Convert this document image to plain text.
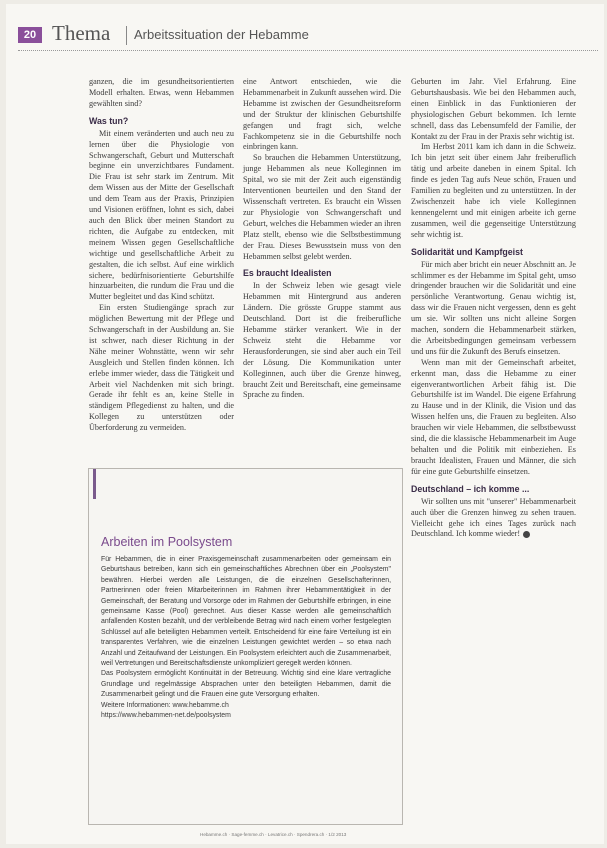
20 Thema Arbeitssituation der Hebamme

ganzen, die im gesundheitsorientierten Modell erhalten. Etwas, wenn Hebammen gewählten sind?

Was tun?

Mit einem veränderten und auch neu zu lernen über die Physiologie von Schwangerschaft, Geburt und Mutterschaft beginne ein unverzichtbares Fundament. Die Frau ist sehr stark im Zentrum. Mit dem Wissen aus der Mitte der Gesellschaft und dem Team aus der Praxis, Prinzipien und Visionen eröffnen, lohnt es sich, dabei auch den Blick über meinen Standort zu richten, die Aufgabe zu entdecken, mit meinem Wissen gegen Gesellschaftliche wichtige und gesellschaftliche Arbeit zu gestalten, die ich selbst. Auf eine wirklich sichere, bedürfnisorientierte Geburtshilfe hinzuarbeiten, die rundum die Frau und die Mutter begleitet und das Kind schützt.

Ein ersten Studiengänge sprach zur möglichen Bewertung mit der Pflege und Schwangerschaft in der Ausbildung an. Sie ist schwer, nach dieser Richtung in der Nähe meiner Wohnstätte, wenn wir sehr Ausgleich und Stellen finden können. Ich erlebe immer wieder, dass die Tätigkeit und Arbeit viel Nachdenken mit sich bringt. Gerade ihr fehlt es an, keine Stelle in ständigem Pflegedienst zu halten, und die Kollegen zu unterstützen oder Überforderung zu vermeiden.

eine Antwort entschieden, wie die Hebammenarbeit in Zukunft aussehen wird. Die Hebamme ist zwischen der Gesundheitsreform und der Struktur der klinischen Geburtshilfe gefangen und fragt sich, welche Fachkompetenz sie in die Geburtshilfe noch einbringen kann.

So brauchen die Hebammen Unterstützung, junge Hebammen als neue Kolleginnen im Spital, wo sie mit der Zeit auch eigenständig Interventionen beurteilen und den Stand der Wissenschaft vertreten. Es braucht ein Wissen zur Physiologie von Schwangerschaft und Geburt, welches die Hebammen wieder an ihren Platz stellt, ebenso wie die Selbstbestimmung der Frau. Dieses Bewusstsein muss von den Hebammen selbst gelebt werden.

Es braucht Idealisten

In der Schweiz leben wie gesagt viele Hebammen mit Hintergrund aus anderen Ländern. Die grösste Gruppe stammt aus Deutschland. Dort ist die freiberufliche Hebamme stärker verankert. Wie in der Schweiz steht die Hebamme vor Herausforderungen, sie sind aber auch ein Teil der Lösung. Die Kommunikation unter Kolleginnen, auch über die Grenze hinweg, braucht Zeit und Bereitschaft, eine gemeinsame Sprache zu finden.

Geburten im Jahr. Viel Erfahrung. Eine Geburtshausbasis. Wie bei den Hebammen auch, einen Einblick in das Funktionieren der physiologischen Geburt bekommen. Ich lernte schnell, dass das Lebensumfeld der Familie, der Kontakt zu der Frau in der Praxis sehr wichtig ist.

Im Herbst 2011 kam ich dann in die Schweiz. Ich bin jetzt seit über einem Jahr freiberuflich tätig und arbeite daneben in einem Spital. Ich finde es jeden Tag aufs Neue schön, Frauen und Familien zu begleiten und zu unterstützen. In der Zwischenzeit habe ich viele Kolleginnen kennengelernt und mit einigen arbeite ich gerne zusammen, weil die gegenseitige Unterstützung sehr wichtig ist.

Solidarität und Kampfgeist

Für mich aber bricht ein neuer Abschnitt an. Je schlimmer es der Hebamme im Spital geht, umso dringender brauchen wir die Solidarität und eine persönliche Verantwortung. Genau wichtig ist, dass wir die Frauen nicht vergessen, denn es geht um sie. Wir sollten uns nicht alleine Sorgen machen, sondern die Hebammenarbeit stärken, die Arbeitsbedingungen gemeinsam verbessern und uns für die Zukunft des Berufs einsetzen.

Wenn man mit der Gemeinschaft arbeitet, erkennt man, dass die Hebamme zu einer eigenverantwortlichen Arbeit fähig ist. Die Geburtshilfe ist im Wandel. Die eigene Erfahrung zu Hause und in der Klinik, die Vision und das Wissen helfen uns, die Frauen zu begleiten. Also brauchen wir viele Hebammen, die selbstbewusst sind, die die klassische Hebammenarbeit im Auge behalten und die Politik mit einbeziehen. Es braucht Idealisten, Frauen und Männer, die sich für eine gute Geburtshilfe einsetzen.

Deutschland – ich komme ...

Wir sollten uns mit "unserer" Hebammenarbeit auch über die Grenzen hinweg zu sehen trauen. Vielleicht gehe ich eines Tages zurück nach Deutschland. Ich komme wieder!

Arbeiten im Poolsystem

Für Hebammen, die in einer Praxisgemeinschaft zusammenarbeiten oder gemeinsam ein Geburtshaus betreiben, kann sich ein gemeinschaftliches Abrechnen über ein „Poolsystem" bewähren. Hierbei werden alle Leistungen, die die einzelnen Gesellschafterinnen, Partnerinnen oder freien Mitarbeiterinnen im Rahmen ihrer Hebammentätigkeit in der Gemeinschaft, der Beratung und Vorsorge oder im Rahmen der Geburtshilfe erbringen, in eine gemeinsame Kasse (Pool) gerechnet. Aus dieser Kasse werden alle gemeinschaftlich anfallenden Kosten bezahlt, und der verbleibende Betrag wird nach einem vorher festgelegten Schlüssel auf alle beteiligten Hebammen verteilt. Entscheidend für eine faire Verteilung ist ein transparentes Verfahren, wie die einzelnen Leistungen gewichtet werden – so etwa nach Anzahl und Zeitaufwand der Leistungen. Ein Poolsystem erleichtert auch die Zusammenarbeit, weil Vertretungen und Bereitschaftsdienste unkompliziert geregelt werden können.

Das Poolsystem ermöglicht Kontinuität in der Betreuung. Wichtig sind eine klare vertragliche Grundlage und regelmässige Absprachen unter den beteiligten Hebammen, damit die Zusammenarbeit gelingt und die Frauen eine gute Versorgung erhalten.

Weitere Informationen: www.hebamme.ch

https://www.hebammen-net.de/poolsystem

Hebamme.ch · Sage-femme.ch · Levatrice.ch · Spendrera.ch · 1/2 2013
